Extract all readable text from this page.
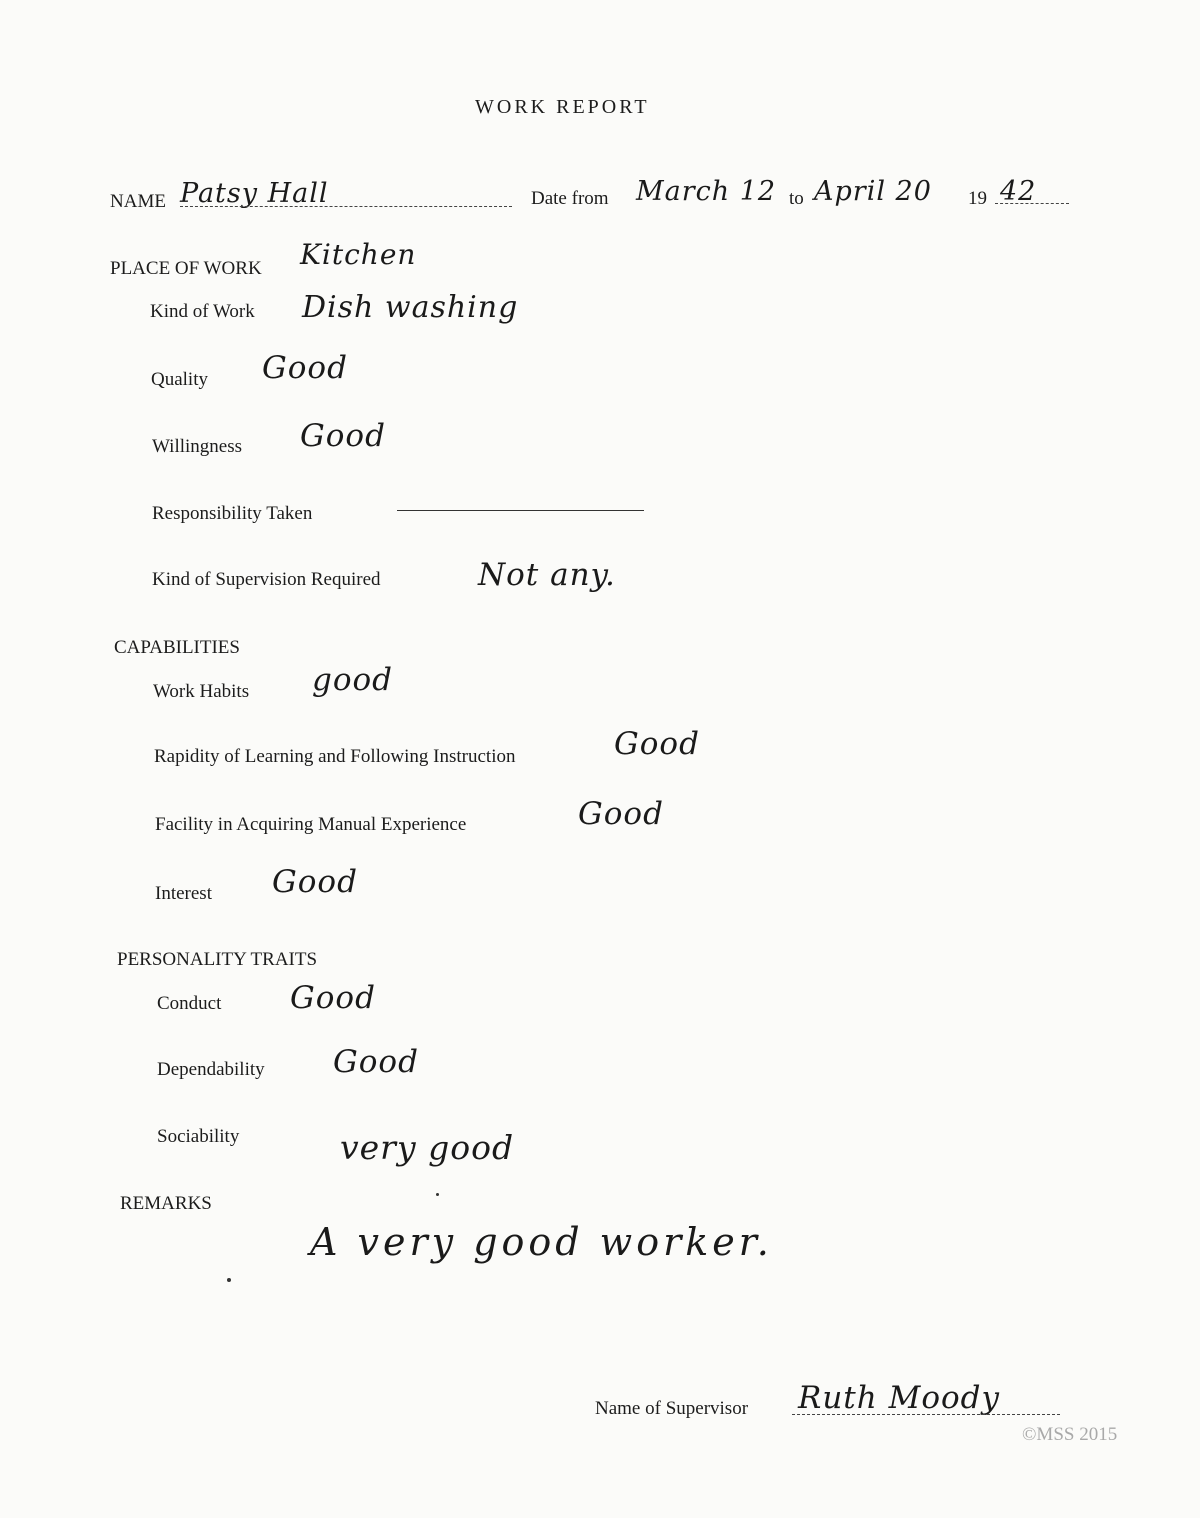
WORK REPORT
NAME Patsy Hall	Date from March 12 to April 20 19 42
PLACE OF WORK Kitchen
Kind of Work Dish washing
Quality Good
Willingness Good
Responsibility Taken
Kind of Supervision Required	Not any.
CAPABILITIES
Work Habits good
Rapidity of Learning and Following Instruction	Good
Facility in Acquiring Manual Experience	Good
Interest Good
PERSONALITY TRAITS
Conduct Good
Dependability Good
Sociability	very good
REMARKS
A very good worker.
Name of Supervisor Ruth Moody
©MSS 2015
